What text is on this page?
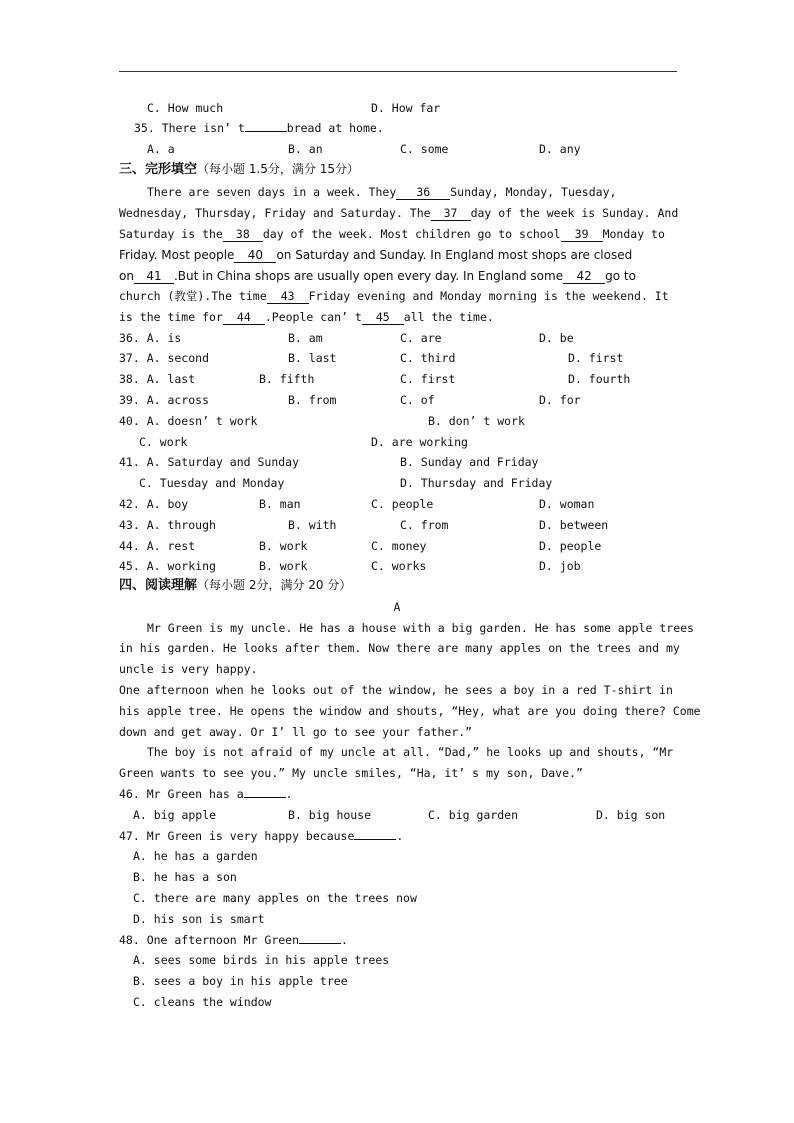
C. How much	D. How far
35. There isn’ t	bread at home.
A. a	B. an	C. some	D. any
三、完形填空（每小题 1.5分，满分 15分）
There are seven days in a week. They 36 Sunday, Monday, Tuesday,
Wednesday, Thursday, Friday and Saturday. The 37 day of the week is Sunday. And
Saturday is the 38 day of the week. Most children go to school 39 Monday to
Friday. Most people 40 on Saturday and Sunday. In England most shops are closed
on 41 .But in China shops are usually open every day. In England some 42 go to
church (教堂).The time 43 Friday evening and Monday morning is the weekend. It
is the time for 44 .People can’ t 45 all the time.
36. A. is	B. am	C. are	D. be
37. A. second	B. last	C. third	D. first
38. A. last	B. fifth	C. first	D. fourth
39. A. across	B. from	C. of	D. for
40. A. doesn’ t work	B. don’ t work
C. work	D. are working
41. A. Saturday and Sunday	B. Sunday and Friday
C. Tuesday and Monday	D. Thursday and Friday
42. A. boy	B. man	C. people	D. woman
43. A. through	B. with	C. from	D. between
44. A. rest	B. work	C. money	D. people
45. A. working	B. work	C. works	D. job
四、阅读理解（每小题 2分，满分 20 分）
A
Mr Green is my uncle. He has a house with a big garden. He has some apple trees
in his garden. He looks after them. Now there are many apples on the trees and my
uncle is very happy.
One afternoon when he looks out of the window, he sees a boy in a red T-shirt in
his apple tree. He opens the window and shouts, “Hey, what are you doing there? Come
down and get away. Or I’ ll go to see your father.”
The boy is not afraid of my uncle at all. “Dad,” he looks up and shouts, “Mr
Green wants to see you.” My uncle smiles, “Ha, it’ s my son, Dave.”
46. Mr Green has a	.
A. big apple	B. big house	C. big garden	D. big son
47. Mr Green is very happy because	.
A. he has a garden
B. he has a son
C. there are many apples on the trees now
D. his son is smart
48. One afternoon Mr Green	.
A. sees some birds in his apple trees
B. sees a boy in his apple tree
C. cleans the window
